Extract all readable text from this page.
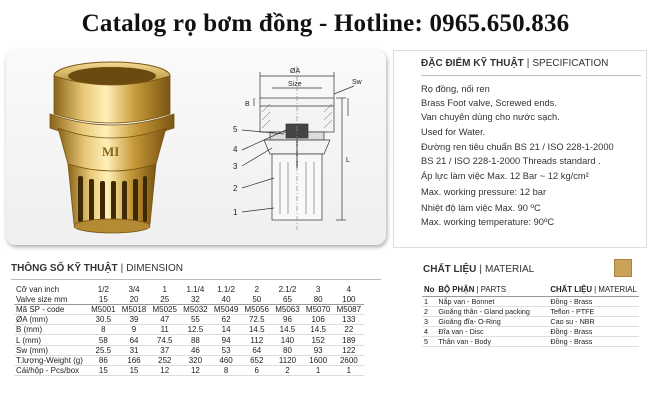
Catalog rọ bơm đồng - Hotline: 0965.650.836
MI
ØA
Size	Sw
B
L
5
4
3
2
1
ĐẶC ĐIỂM KỸ THUẬT | SPECIFICATION
Rọ đồng, nối ren
Brass Foot valve, Screwed ends.
Van chuyên dùng cho nước sạch.
Used for Water.
Đường ren tiêu chuẩn BS 21 / ISO 228-1-2000
BS 21 / ISO 228-1-2000 Threads standard .
Áp lực làm việc Max. 12 Bar ~ 12 kg/cm²
Max. working pressure: 12 bar
Nhiệt độ làm việc Max. 90 ºC
Max. working temperature: 90ºC
THÔNG SỐ KỸ THUẬT | DIMENSION
Cỡ van inch	1/2	3/4	1	1.1/4	1.1/2	2	2.1/2	3	4
Valve size mm	15	20	25	32	40	50	65	80	100
Mã SP - code	M5001	M5018	M5025	M5032	M5049	M5056	M5063	M5070	M5087
ØA (mm)	30.5	39	47	55	62	72.5	96	106	133
B (mm)	8	9	11	12.5	14	14.5	14.5	14.5	22
L (mm)	58	64	74.5	88	94	112	140	152	189
Sw (mm)	25.5	31	37	46	53	64	80	93	122
T.lượng-Weight (g)	86	166	252	320	460	652	1120	1600	2600
Cái/hộp - Pcs/box	15	15	12	12	8	6	2	1	1
CHẤT LIỆU | MATERIAL
No	BỘ PHẬN | PARTS	CHẤT LIỆU | MATERIAL
1	Nắp van - Bonnet	Đồng - Brass
2	Gioăng thân - Gland packing	Teflon - PTFE
3	Gioăng đĩa- O-Ring	Cao su - NBR
4	Đĩa van - Disc	Đồng - Brass
5	Thân van - Body	Đồng - Brass
